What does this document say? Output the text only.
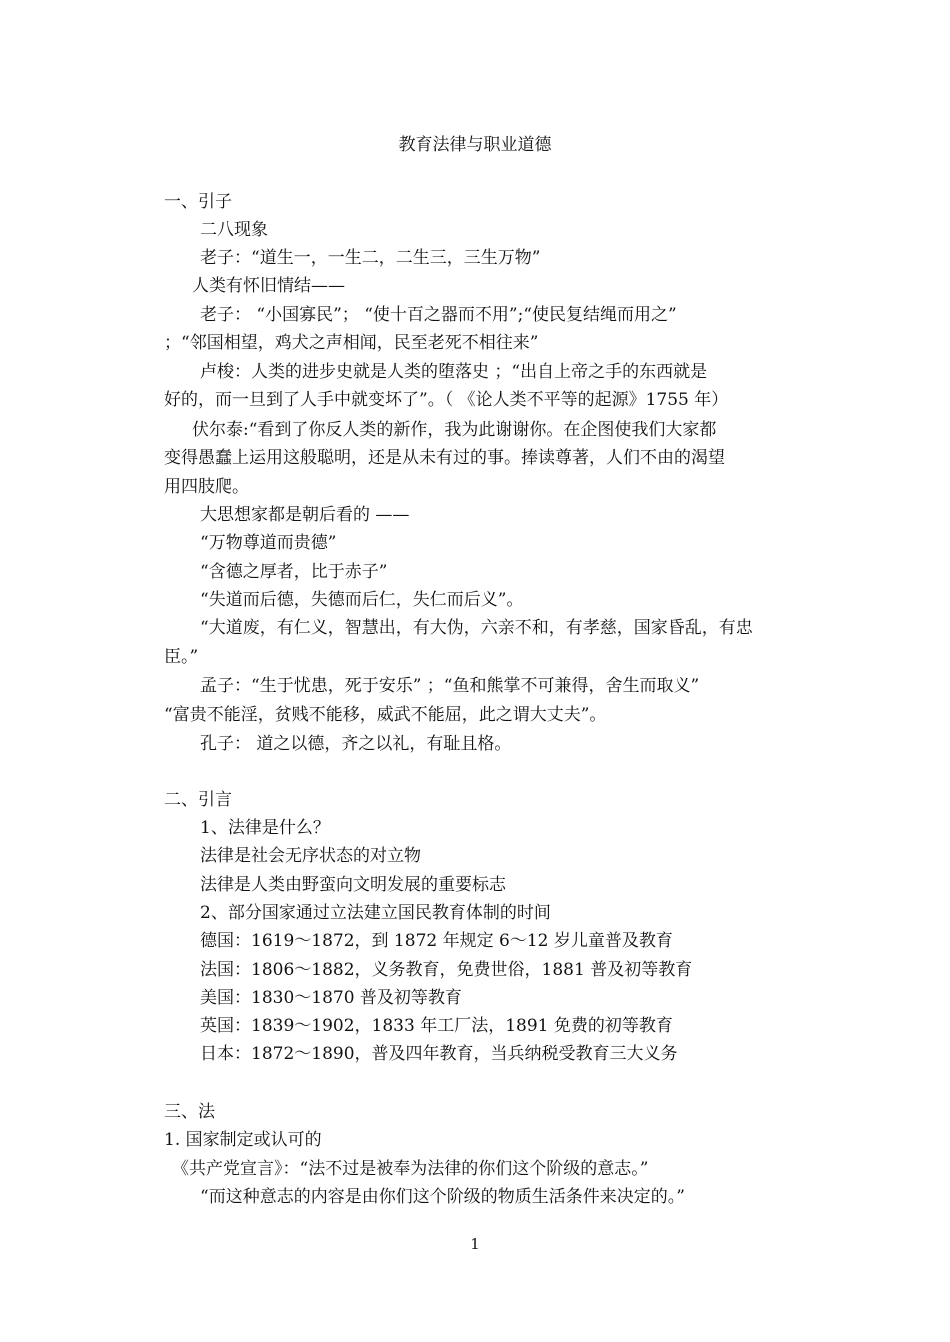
教育法律与职业道德
一、引子
二八现象
老子：“道生一，一生二，二生三，三生万物”
人类有怀旧情结——
老子： “小国寡民”； “使十百之器而不用”;“使民复结绳而用之”
；“邻国相望，鸡犬之声相闻，民至老死不相往来”
卢梭：人类的进步史就是人类的堕落史 ；“出自上帝之手的东西就是
好的，而一旦到了人手中就变坏了”。（ 《论人类不平等的起源》1755 年）
伏尔泰:“看到了你反人类的新作，我为此谢谢你。在企图使我们大家都
变得愚蠢上运用这般聪明，还是从未有过的事。捧读尊著，人们不由的渴望
用四肢爬。
大思想家都是朝后看的 ——
“万物尊道而贵德”
“含德之厚者，比于赤子”
“失道而后德，失德而后仁，失仁而后义”。
“大道废，有仁义，智慧出，有大伪，六亲不和，有孝慈，国家昏乱，有忠
臣。”
孟子：“生于忧患，死于安乐” ；“鱼和熊掌不可兼得，舍生而取义”
“富贵不能淫，贫贱不能移，威武不能屈，此之谓大丈夫”。
孔子： 道之以德，齐之以礼，有耻且格。
二、引言
1、法律是什么？
法律是社会无序状态的对立物
法律是人类由野蛮向文明发展的重要标志
2、部分国家通过立法建立国民教育体制的时间
德国：1619～1872，到 1872 年规定 6～12 岁儿童普及教育
法国：1806～1882，义务教育，免费世俗，1881 普及初等教育
美国：1830～1870 普及初等教育
英国：1839～1902，1833 年工厂法，1891 免费的初等教育
日本：1872～1890，普及四年教育，当兵纳税受教育三大义务
三、法
1. 国家制定或认可的
《共产党宣言》：“法不过是被奉为法律的你们这个阶级的意志。”
“而这种意志的内容是由你们这个阶级的物质生活条件来决定的。”
1
